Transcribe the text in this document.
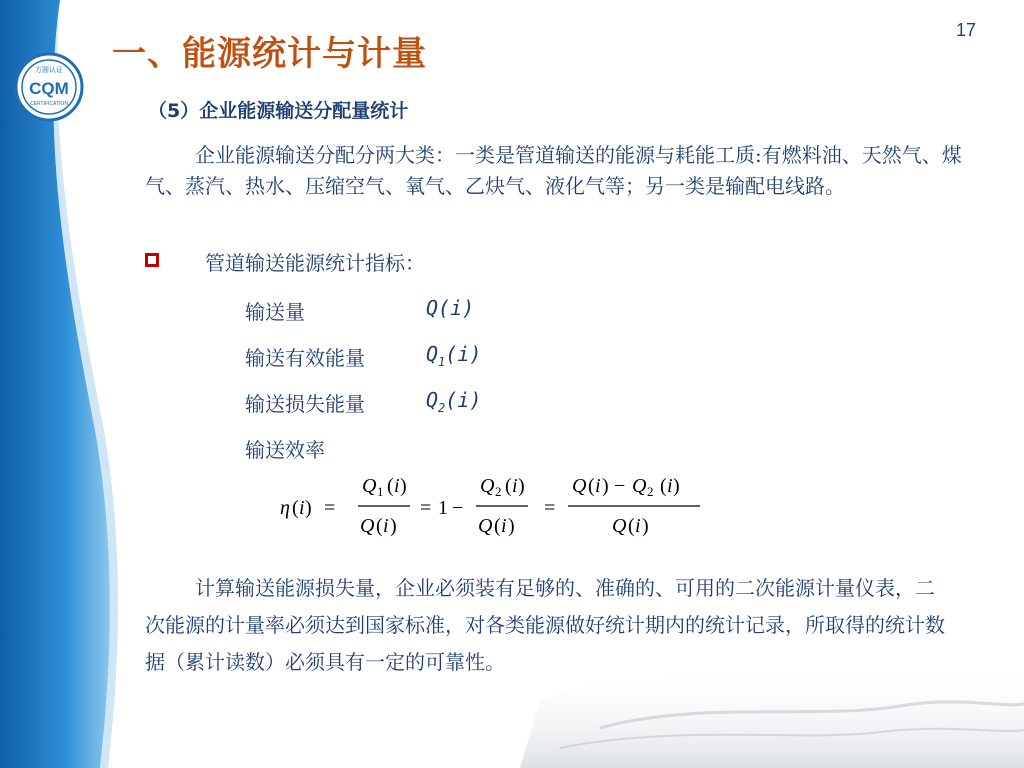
方圆认证
CQM
CERTIFICATION
17
一、能源统计与计量
（5）企业能源输送分配量统计
企业能源输送分配分两大类：一类是管道输送的能源与耗能工质:有燃料油、天然气、煤气、蒸汽、热水、压缩空气、氧气、乙炔气、液化气等；另一类是输配电线路。
管道输送能源统计指标：
输送量	Q(i)
输送有效能量	$Q_1(i)$
输送损失能量	$Q_2(i)$
输送效率
η ( i ) =
Q 1 ( i )
Q ( i )
= 1 −
Q 2 ( i )
Q ( i )
=
Q ( i ) − Q 2 ( i )
Q ( i )
计算输送能源损失量，企业必须装有足够的、准确的、可用的二次能源计量仪表，二次能源的计量率必须达到国家标准，对各类能源做好统计期内的统计记录，所取得的统计数据（累计读数）必须具有一定的可靠性。
